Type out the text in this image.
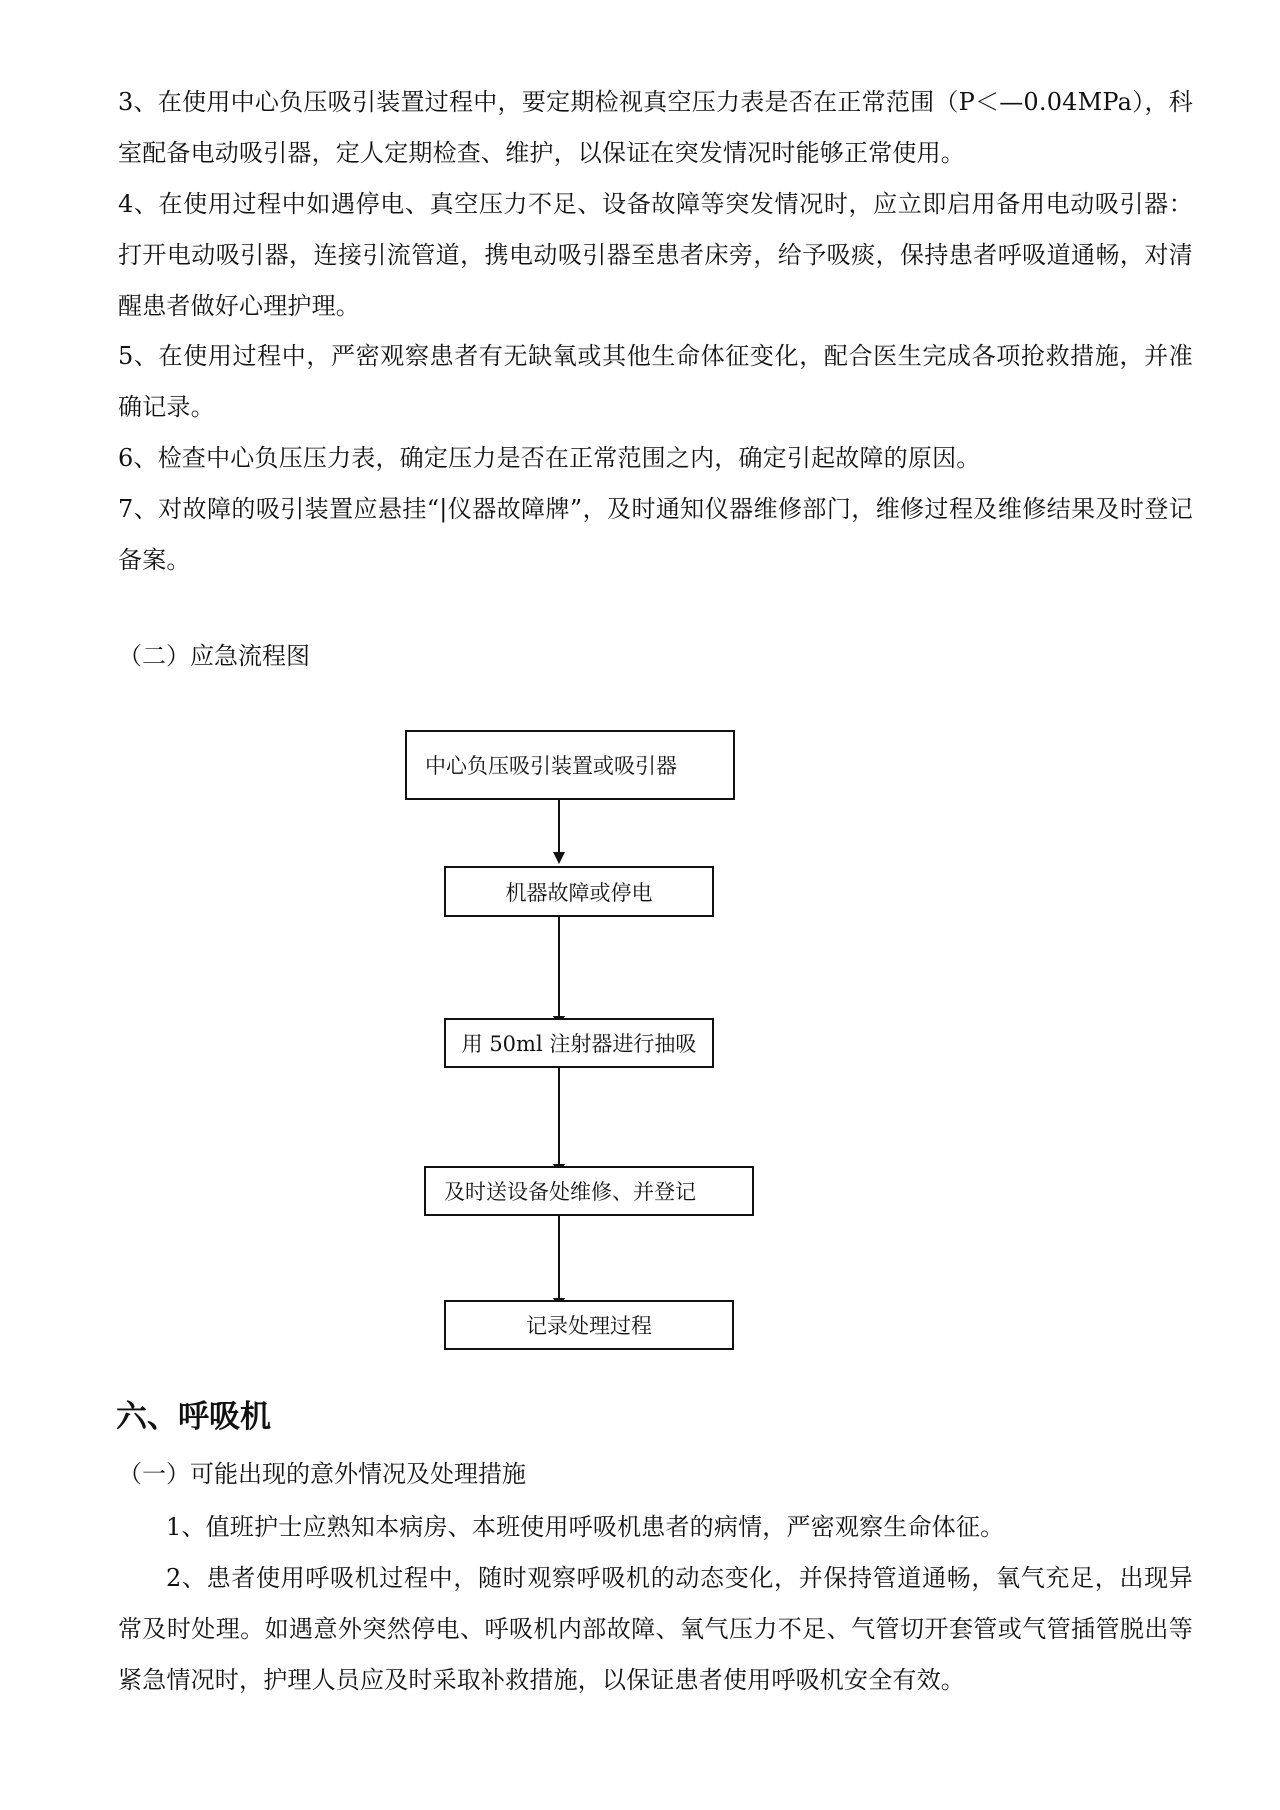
3、在使用中心负压吸引装置过程中，要定期检视真空压力表是否在正常范围（P＜—0.04MPa），科室配备电动吸引器，定人定期检查、维护，以保证在突发情况时能够正常使用。
4、在使用过程中如遇停电、真空压力不足、设备故障等突发情况时，应立即启用备用电动吸引器：打开电动吸引器，连接引流管道，携电动吸引器至患者床旁，给予吸痰，保持患者呼吸道通畅，对清醒患者做好心理护理。
5、在使用过程中，严密观察患者有无缺氧或其他生命体征变化，配合医生完成各项抢救措施，并准确记录。
6、检查中心负压压力表，确定压力是否在正常范围之内，确定引起故障的原因。
7、对故障的吸引装置应悬挂“|仪器故障牌”，及时通知仪器维修部门，维修过程及维修结果及时登记备案。
（二）应急流程图
中心负压吸引装置或吸引器
机器故障或停电
用 50ml 注射器进行抽吸
及时送设备处维修、并登记
记录处理过程
六、呼吸机
（一）可能出现的意外情况及处理措施
1、值班护士应熟知本病房、本班使用呼吸机患者的病情，严密观察生命体征。
2、患者使用呼吸机过程中，随时观察呼吸机的动态变化，并保持管道通畅，氧气充足，出现异常及时处理。如遇意外突然停电、呼吸机内部故障、氧气压力不足、气管切开套管或气管插管脱出等紧急情况时，护理人员应及时采取补救措施，以保证患者使用呼吸机安全有效。
